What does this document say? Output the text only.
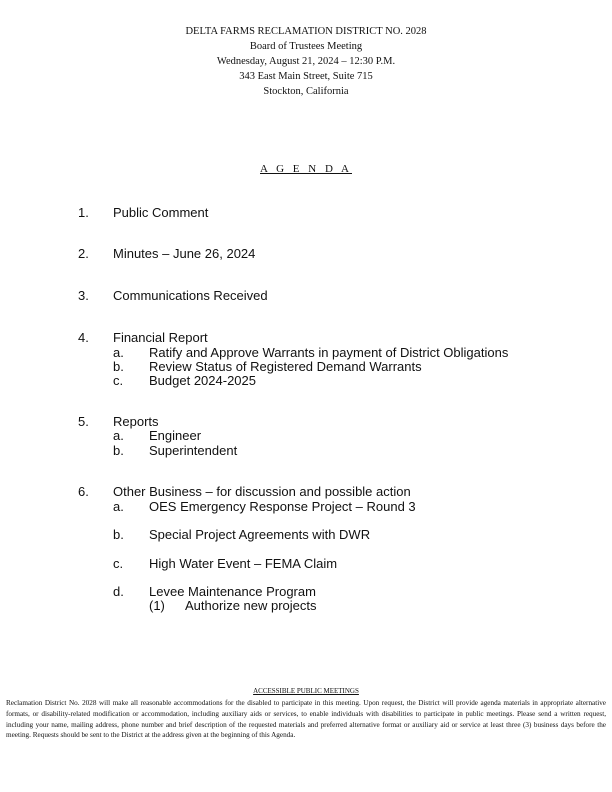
DELTA FARMS RECLAMATION DISTRICT NO. 2028
Board of Trustees Meeting
Wednesday, August 21, 2024 – 12:30 P.M.
343 East Main Street, Suite 715
Stockton, California
A G E N D A
1.	Public Comment
2.	Minutes – June 26, 2024
3.	Communications Received
4.	Financial Report
a. Ratify and Approve Warrants in payment of District Obligations
b. Review Status of Registered Demand Warrants
c. Budget 2024-2025
5.	Reports
a. Engineer
b. Superintendent
6.	Other Business – for discussion and possible action
a. OES Emergency Response Project – Round 3
b. Special Project Agreements with DWR
c. High Water Event – FEMA Claim
d. Levee Maintenance Program
(1) Authorize new projects
ACCESSIBLE PUBLIC MEETINGS
Reclamation District No. 2028 will make all reasonable accommodations for the disabled to participate in this meeting. Upon request, the District will provide agenda materials in appropriate alternative formats, or disability-related modification or accommodation, including auxiliary aids or services, to enable individuals with disabilities to participate in public meetings. Please send a written request, including your name, mailing address, phone number and brief description of the requested materials and preferred alternative format or auxiliary aid or service at least three (3) business days before the meeting. Requests should be sent to the District at the address given at the beginning of this Agenda.
